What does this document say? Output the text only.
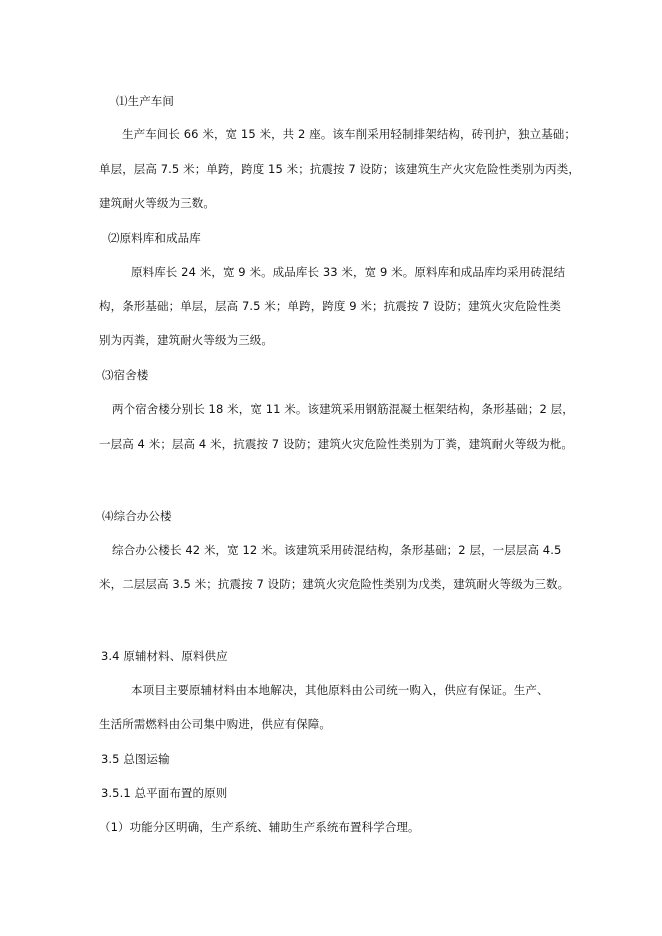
⑴生产车间
生产车间长 66 米，宽 15 米，共 2 座。该车削采用轻制排架结构，砖刊护，独立基础；
单层，层高 7.5 米；单跨，跨度 15 米；抗震按 7 设防；该建筑生产火灾危险性类别为丙类，
建筑耐火等级为三数。
⑵原料库和成品库
原料库长 24 米，宽 9 米。成品库长 33 米，宽 9 米。原料库和成品库均采用砖混结
构，条形基础；单层，层高 7.5 米；单跨，跨度 9 米；抗震按 7 设防；建筑火灾危险性类
别为丙粪，建筑耐火等级为三级。
⑶宿舍楼
两个宿舍楼分别长 18 米，宽 11 米。该建筑采用钢筋混凝土框架结构，条形基础；2 层，
一层高 4 米；层高 4 米，抗震按 7 设防；建筑火灾危险性类别为丁粪，建筑耐火等级为枇。
⑷综合办公楼
综合办公楼长 42 米，宽 12 米。该建筑采用砖混结构，条形基础；2 层，一层层高 4.5
米，二层层高 3.5 米；抗震按 7 设防；建筑火灾危险性类别为戊类，建筑耐火等级为三数。
3.4 原辅材料、原料供应
本项目主要原辅材料由本地解决，其他原料由公司统一购入，供应有保证。生产、
生活所需燃料由公司集中购进，供应有保障。
3.5 总图运输
3.5.1 总平面布置的原则
（1）功能分区明确，生产系统、辅助生产系统布置科学合理。
